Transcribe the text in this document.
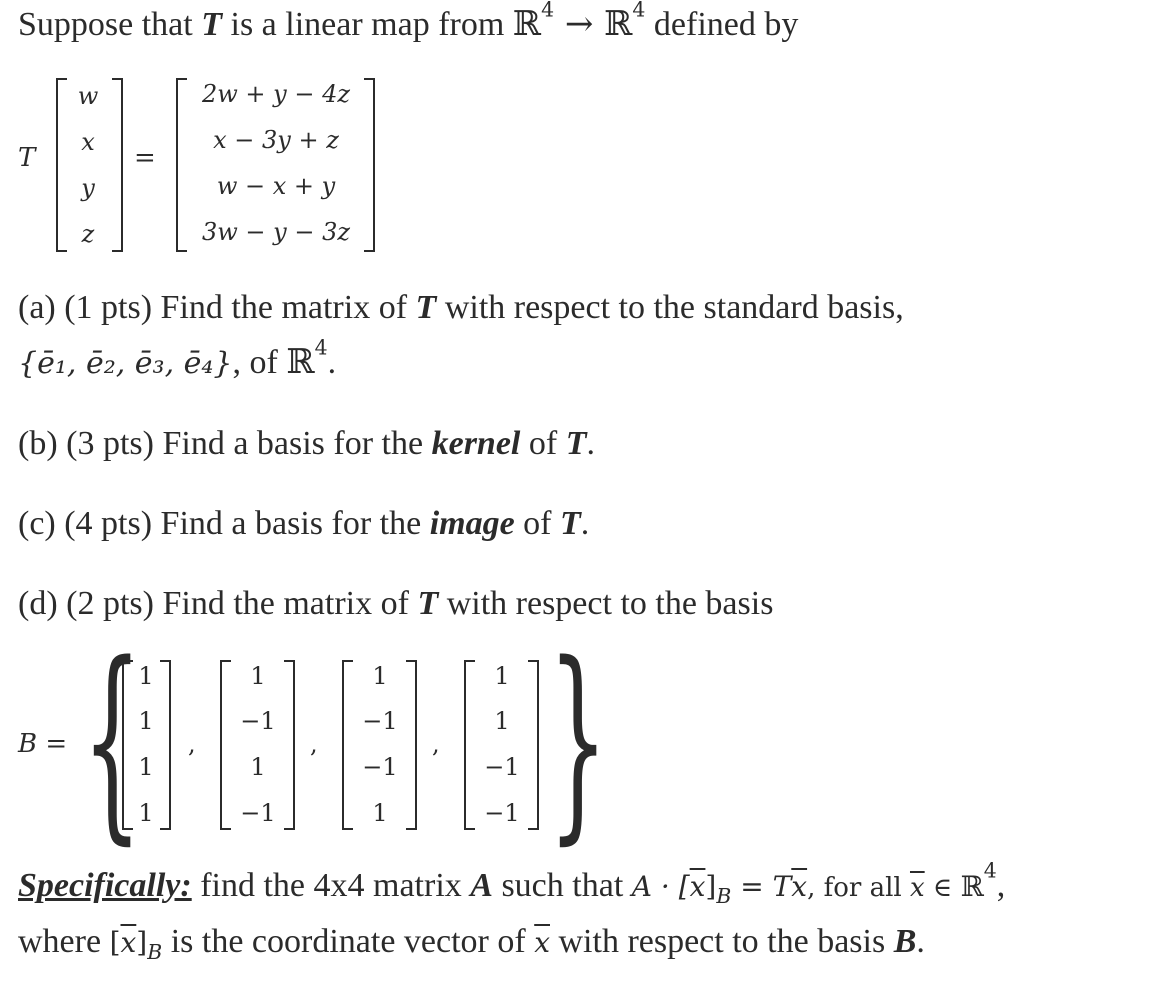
Suppose that T is a linear map from ℝ$^4$ → ℝ$^4$ defined by
T
w
x
y
z
=
2w + y − 4z
x − 3y + z
w − x + y
3w − y − 3z
(a) (1 pts) Find the matrix of T with respect to the standard basis,
{ē₁, ē₂, ē₃, ē₄}, of ℝ$^4$.
(b) (3 pts) Find a basis for the kernel of T.
(c) (4 pts) Find a basis for the image of T.
(d) (2 pts) Find the matrix of T with respect to the basis
B = {
1
1
1
1
,
1
−1
1
−1
,
1
−1
−1
1
,
1
1
−1
−1 }
Specifically: find the 4x4 matrix A such that $A \cdot [\overline{x}]_B = T\overline{x}$, for all $\overline{x}$ ∈ ℝ$^4$,
where $[\overline{x}]_B$ is the coordinate vector of $\overline{x}$ with respect to the basis B.
